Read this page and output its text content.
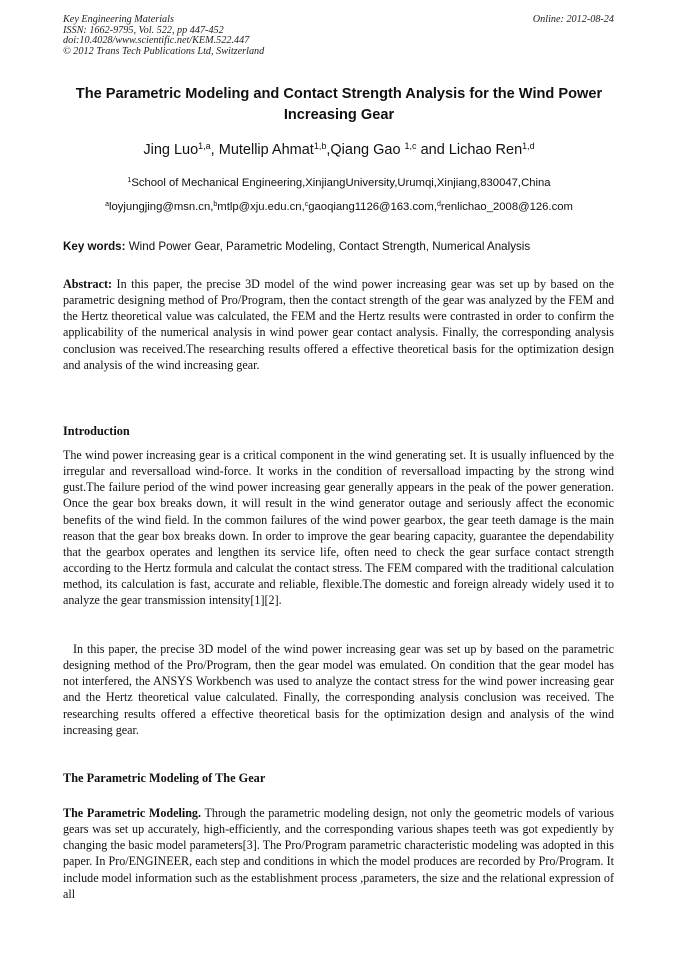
Key Engineering Materials
ISSN: 1662-9795, Vol. 522, pp 447-452
doi:10.4028/www.scientific.net/KEM.522.447
© 2012 Trans Tech Publications Ltd, Switzerland
Online: 2012-08-24
The Parametric Modeling and Contact Strength Analysis for the Wind Power Increasing Gear
Jing Luo$^{1,a}$, Mutellip Ahmat$^{1,b}$,Qiang Gao $^{1,c}$ and Lichao Ren$^{1,d}$
$^1$School of Mechanical Engineering,XinjiangUniversity,Urumqi,Xinjiang,830047,China
$^a$loyjungjing@msn.cn,$^b$mtlp@xju.edu.cn,$^c$gaoqiang1126@163.com,$^d$renlichao_2008@126.com
Key words: Wind Power Gear, Parametric Modeling, Contact Strength, Numerical Analysis
Abstract: In this paper, the precise 3D model of the wind power increasing gear was set up by based on the parametric designing method of Pro/Program, then the contact strength of the gear was analyzed by the FEM and the Hertz theoretical value was calculated, the FEM and the Hertz results were contrasted in order to confirm the applicability of the numerical analysis in wind power gear contact analysis. Finally, the corresponding analysis conclusion was received.The researching results offered a effective theoretical basis for the optimization design and analysis of the wind increasing gear.
Introduction
The wind power increasing gear is a critical component in the wind generating set. It is usually influenced by the irregular and reversalload wind-force. It works in the condition of reversalload impacting by the strong wind gust.The failure period of the wind power increasing gear generally appears in the peak of the power generation. Once the gear box breaks down, it will result in the wind generator outage and seriously affect the economic benefits of the wind field. In the common failures of the wind power gearbox, the gear teeth damage is the main reason that the gear box breaks down. In order to improve the gear bearing capacity, guarantee the dependability that the gearbox operates and lengthen its service life, often need to check the gear surface contact strength according to the Hertz formula and calculat the contact stress. The FEM compared with the traditional calculation method, its calculation is fast, accurate and reliable, flexible.The domestic and foreign already widely used it to analyze the gear transmission intensity[1][2].
In this paper, the precise 3D model of the wind power increasing gear was set up by based on the parametric designing method of the Pro/Program, then the gear model was emulated. On condition that the gear model has not interfered, the ANSYS Workbench was used to analyze the contact stress for the wind power increasing gear and the Hertz theoretical value calculated. Finally, the corresponding analysis conclusion was received. The researching results offered a effective theoretical basis for the optimization design and analysis of the wind increasing gear.
The Parametric Modeling of The Gear
The Parametric Modeling. Through the parametric modeling design, not only the geometric models of various gears was set up accurately, high-efficiently, and the corresponding various shapes teeth was got expediently by changing the basic model parameters[3]. The Pro/Program parametric characteristic modeling was adopted in this paper. In Pro/ENGINEER, each step and conditions in which the model produces are recorded by Pro/Program. It include model information such as the establishment process ,parameters, the size and the relational expression of all
